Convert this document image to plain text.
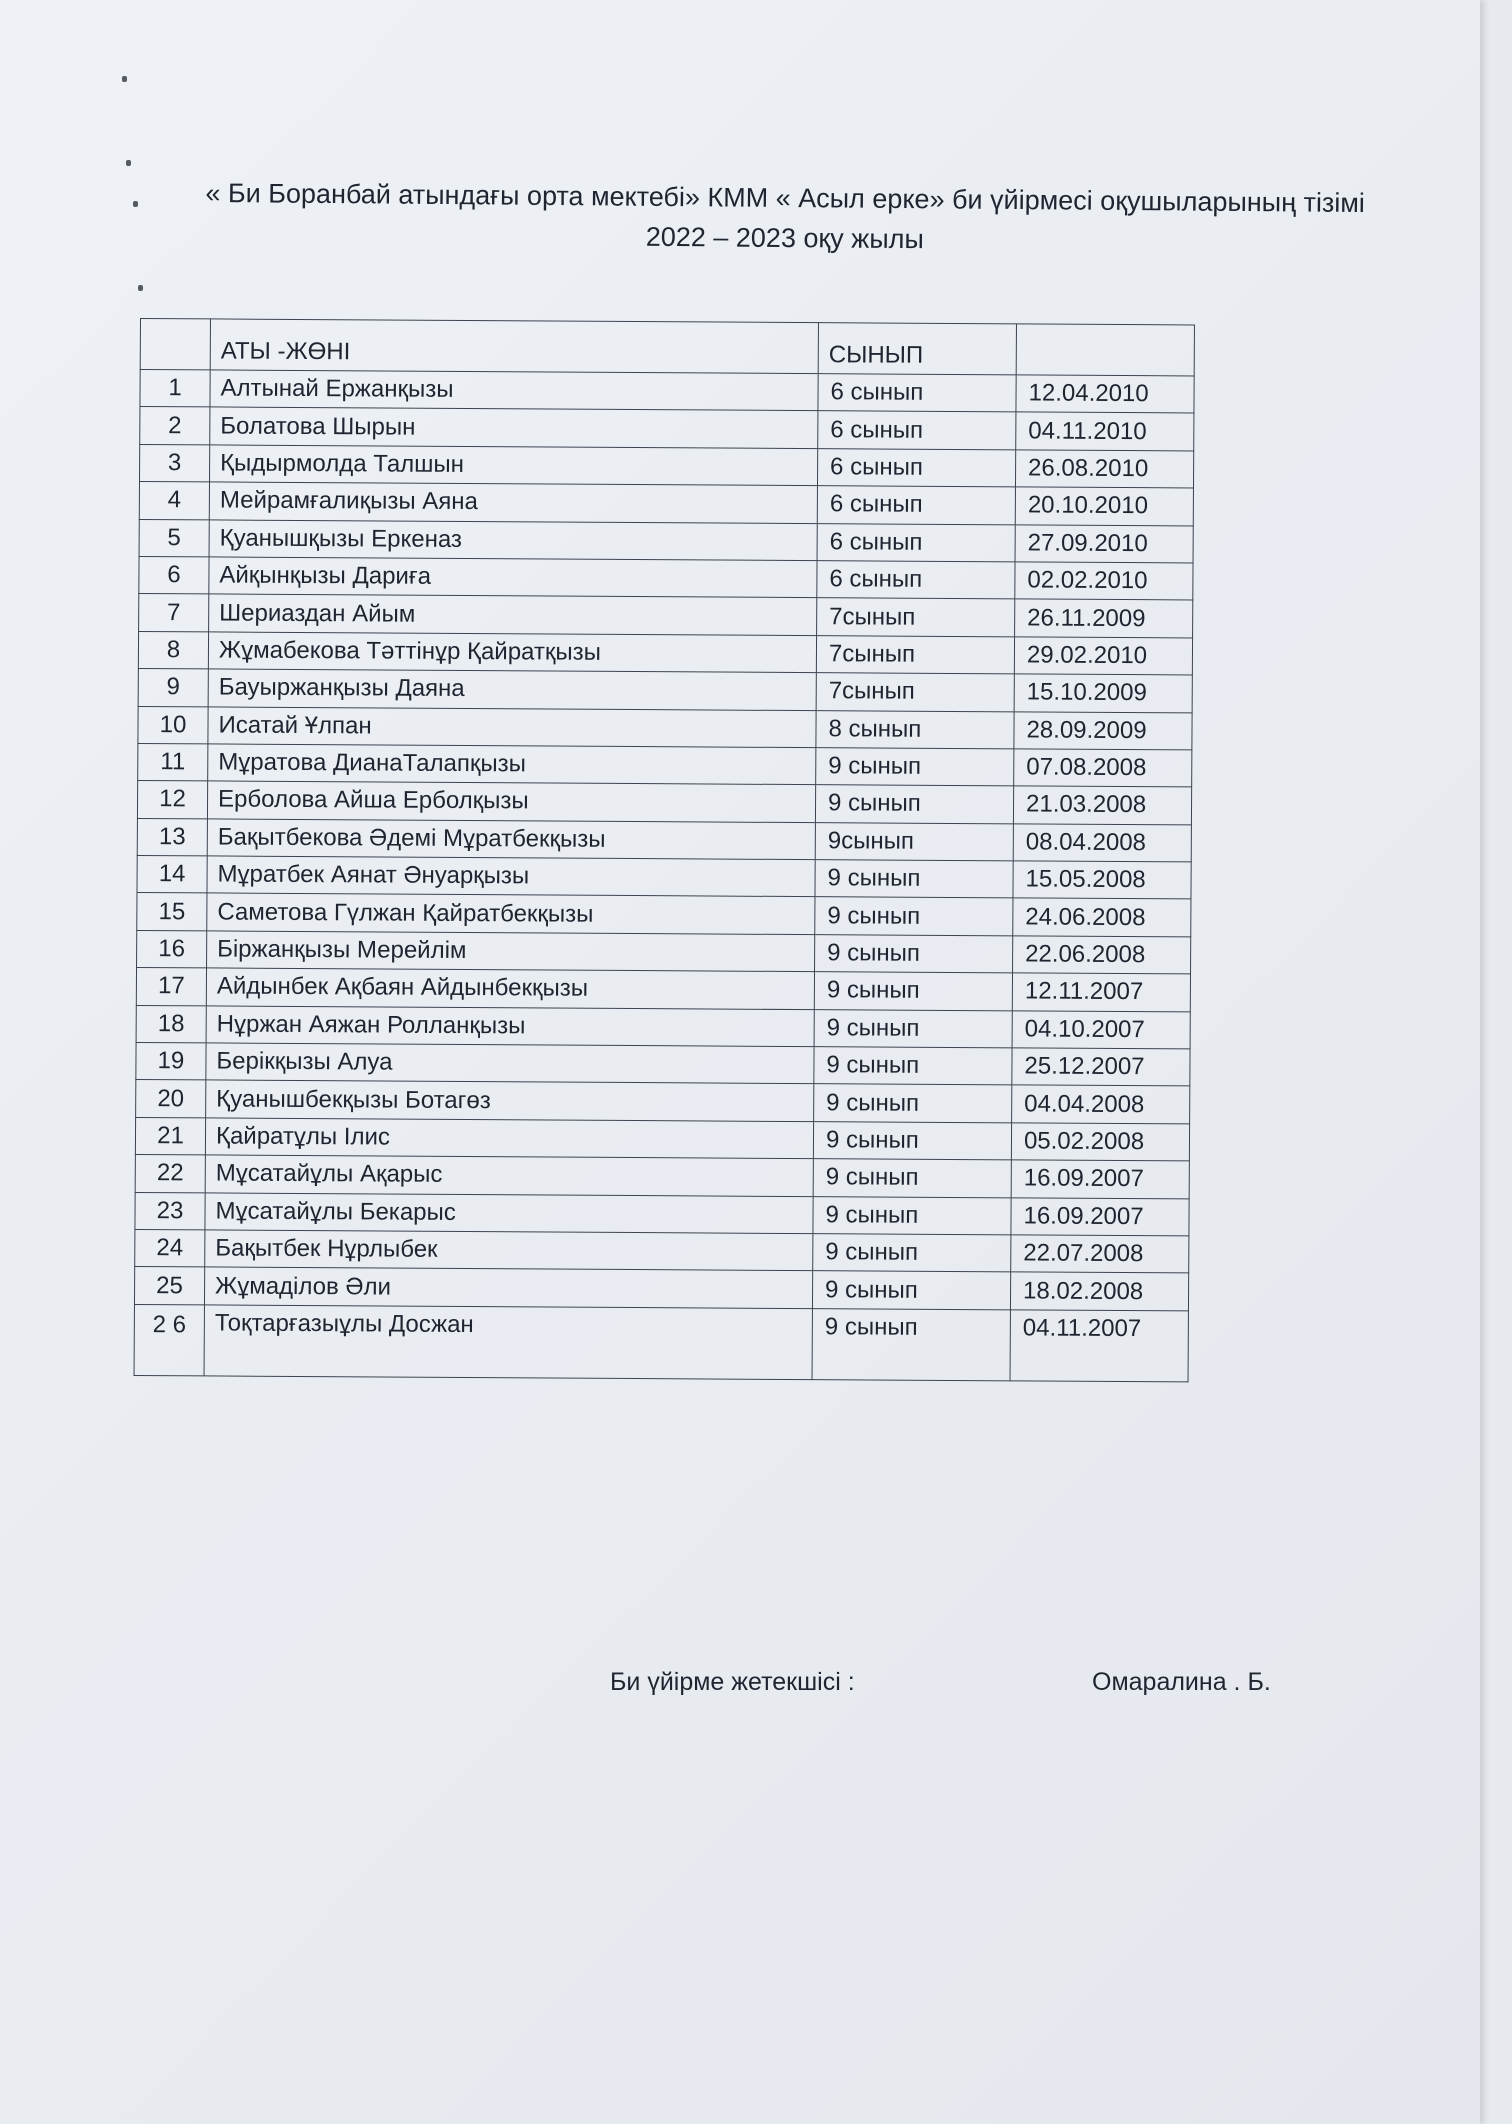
« Би Боранбай атындағы орта мектебі» КММ « Асыл ерке» би үйірмесі оқушыларының тізімі
2022 – 2023 оқу жылы
	АТЫ -ЖӨНІ	СЫНЫП	
1	Алтынай Ержанқызы	6 сынып	12.04.2010
2	Болатова Шырын	6 сынып	04.11.2010
3	Қыдырмолда Талшын	6 сынып	26.08.2010
4	Мейрамғалиқызы Аяна	6 сынып	20.10.2010
5	Қуанышқызы Еркеназ	6 сынып	27.09.2010
6	Айқынқызы Дариға	6 сынып	02.02.2010
7	Шериаздан Айым	7сынып	26.11.2009
8	Жұмабекова Тәттінұр Қайратқызы	7сынып	29.02.2010
9	Бауыржанқызы Даяна	7сынып	15.10.2009
10	Исатай Ұлпан	8 сынып	28.09.2009
11	Мұратова ДианаТалапқызы	9 сынып	07.08.2008
12	Ерболова Айша Ерболқызы	9 сынып	21.03.2008
13	Бақытбекова Әдемі Мұратбекқызы	9сынып	08.04.2008
14	Мұратбек Аянат Әнуарқызы	9 сынып	15.05.2008
15	Саметова Гүлжан Қайратбекқызы	9 сынып	24.06.2008
16	Біржанқызы Мерейлім	9 сынып	22.06.2008
17	Айдынбек Ақбаян Айдынбекқызы	9 сынып	12.11.2007
18	Нұржан Аяжан Ролланқызы	9 сынып	04.10.2007
19	Берікқызы Алуа	9 сынып	25.12.2007
20	Қуанышбекқызы Ботагөз	9 сынып	04.04.2008
21	Қайратұлы Ілис	9 сынып	05.02.2008
22	Мұсатайұлы Ақарыс	9 сынып	16.09.2007
23	Мұсатайұлы Бекарыс	9 сынып	16.09.2007
24	Бақытбек Нұрлыбек	9 сынып	22.07.2008
25	Жұмаділов Әли	9 сынып	18.02.2008
2 6	Тоқтарғазыұлы Досжан	9 сынып	04.11.2007
Би үйірме жетекшісі :	Омаралина . Б.
